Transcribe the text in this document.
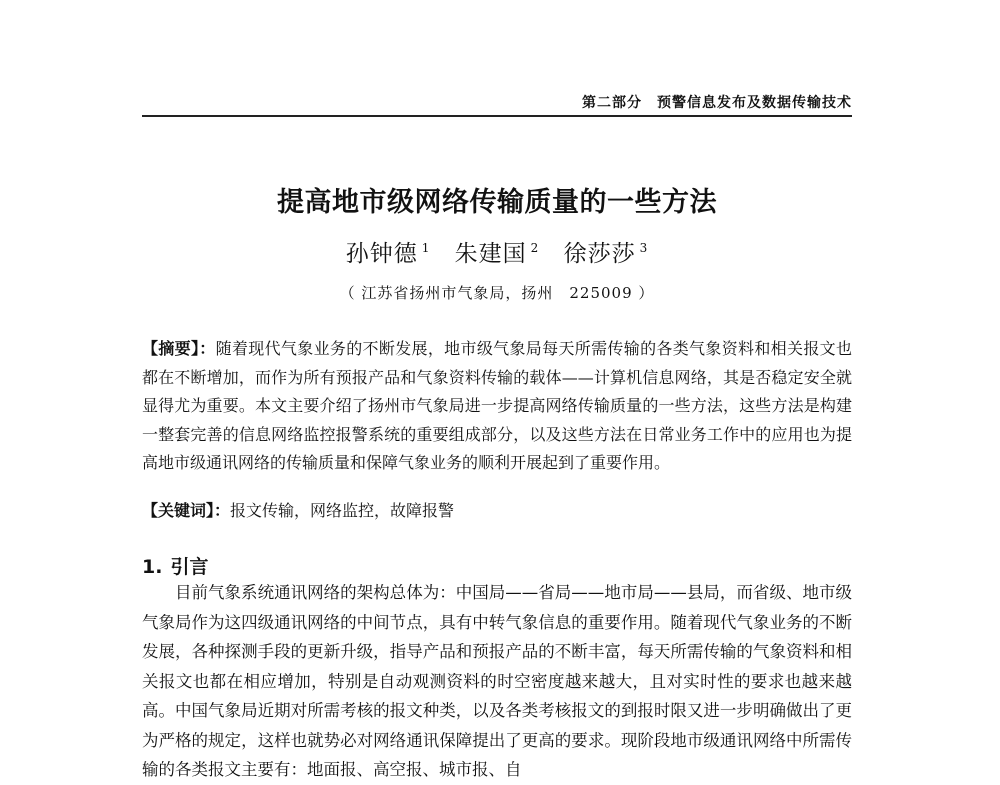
第二部分　预警信息发布及数据传输技术
提高地市级网络传输质量的一些方法
孙钟德 $^1$ 朱建国 $^2$ 徐莎莎 $^3$
（ 江苏省扬州市气象局，扬州　225009 ）
【摘要】：随着现代气象业务的不断发展，地市级气象局每天所需传输的各类气象资料和相关报文也都在不断增加，而作为所有预报产品和气象资料传输的载体——计算机信息网络，其是否稳定安全就显得尤为重要。本文主要介绍了扬州市气象局进一步提高网络传输质量的一些方法，这些方法是构建一整套完善的信息网络监控报警系统的重要组成部分，以及这些方法在日常业务工作中的应用也为提高地市级通讯网络的传输质量和保障气象业务的顺利开展起到了重要作用。
【关键词】：报文传输，网络监控，故障报警
1. 引言
目前气象系统通讯网络的架构总体为：中国局——省局——地市局——县局，而省级、地市级气象局作为这四级通讯网络的中间节点，具有中转气象信息的重要作用。随着现代气象业务的不断发展，各种探测手段的更新升级，指导产品和预报产品的不断丰富，每天所需传输的气象资料和相关报文也都在相应增加，特别是自动观测资料的时空密度越来越大，且对实时性的要求也越来越高。中国气象局近期对所需考核的报文种类，以及各类考核报文的到报时限又进一步明确做出了更为严格的规定，这样也就势必对网络通讯保障提出了更高的要求。现阶段地市级通讯网络中所需传输的各类报文主要有：地面报、高空报、城市报、自
